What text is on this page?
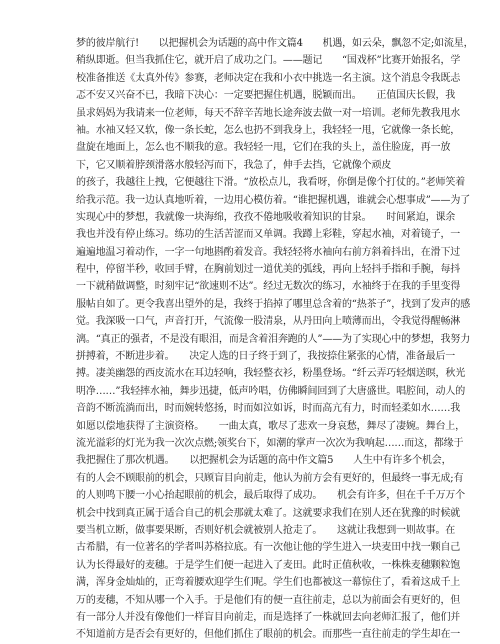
梦的彼岸航行!　　以把握机会为话题的高中作文篇4　　机遇，如云朵，飘忽不定;如流星，
稍纵即逝。但当我抓住它，就开启了成功之门。——题记　　“国戏杯”比赛开始报名，学
校准备推送《太真外传》参赛，老师决定在我和小衣中挑选一名主演。这个消息令我既忐
忑不安又兴奋不已，我暗下决心：一定要把握住机遇，脱颖而出。　　正值国庆长假，我
虽求妈妈为我请来一位老师，每天不辞辛苦地长途奔波去做一对一培训。老师先教我甩水
袖。水袖又轻又软，像一条长蛇，怎么也扔不到我身上，我轻轻一甩，它就像一条长蛇，
盘旋在地面上，怎么也不顺我的意。我轻轻一甩，它们在我的头上，盖住脸庞，再一放
下，它又顺着脖颈滑落水般轻泻而下，我急了，伸手去挡，它就像个顽皮
的孩子，我越往上拽，它便越往下滑。“放松点儿，我看呀，你倒是像个打仗的。”老师笑着
给我示范。我一边认真地听着，一边用心模仿着。“谁把握机遇，谁就会心想事成”——为了
实现心中的梦想，我就像一块海绵，孜孜不倦地吸收着知识的甘泉。　　时间紧迫，课余
我也并没有停止练习。练功的生活苦涩而又单调。我蹲上彩鞋，穿起水袖，对着镜子，一
遍遍地温习着动作，一字一句地斟酌着发音。我轻轻将水袖向右前方斜着抖出，在滑下过
程中，停留半秒，收回手臂，在胸前划过一道优美的弧线，再向上轻抖手指和手腕，每抖
一下就稍做调整，时刻牢记“欲速则不达”。经过无数次的练习，水袖终于在我的手里变得
服帖自如了。更令我喜出望外的是，我终于掐掉了哪里总含着的“热茶子”，找到了发声的感
觉。我深吸一口气，声音打开，气流像一股清泉，从丹田向上喷薄而出，令我觉得醒畅淋
漓。“真正的强者，不是没有眼泪，而是含着泪奔跑的人”——为了实现心中的梦想，我努力
拼搏着，不断进步着。　　决定人选的日子终于到了，我按捺住紧张的心情，准备最后一
搏。凄美幽怨的西皮流水在耳边轻响，我轻整衣衫，粉墨登场。“纤云弄巧轻烟送暝，秋光
明净……”我轻摔水袖，舞步迅捷，低声吟唱，仿佛瞬间回到了大唐盛世。唱腔间，动人的
音韵不断流淌而出，时而婉转悠扬，时而如泣如诉，时而高亢有力，时而轻柔如水……我
如愿以偿地获得了主演资格。　　一曲太真，歌尽了悲欢一身哀愁，舞尽了凄婉。舞台上，
流光溢彩的灯光为我一次次点燃;领奖台下，如潮的掌声一次次为我响起……而这，都缘于
我把握住了那次机遇。　　以把握机会为话题的高中作文篇5　　人生中有许多个机会，
有的人会不顾眼前的机会，只顾盲目向前走，他认为前方会有更好的，但最终一事无成;有
的人则鸣下腰一小心抬起眼前的机会，最后取得了成功。　　机会有许多，但在千千万万个
机会中找到真正属于适合自己的机会那就太难了。这就要求我们在别人还在犹豫的时候就
要当机立断，做事要果断，否则好机会就被别人抢走了。　　这就让我想到一则故事。在
古希腊，有一位著名的学者叫苏格拉底。有一次他让他的学生进入一块麦田中找一颗自己
认为长得最好的麦穗。于是学生们便一起进入了麦田。此时正值秋收，一株株麦穗颗粒饱
满，浑身金灿灿的，正弯着腰欢迎学生们呢。学生们也都被这一幕惊住了，看着这成千上
万的麦穗，不知从哪一个入手。于是他们有的便一直往前走，总以为前面会有更好的，但
有一部分人并没有像他们一样盲目向前走，而是选择了一株就回去向老师汇报了，他们并
不知道前方是否会有更好的，但他们抓住了眼前的机会。而那些一直往前走的学生却在一
